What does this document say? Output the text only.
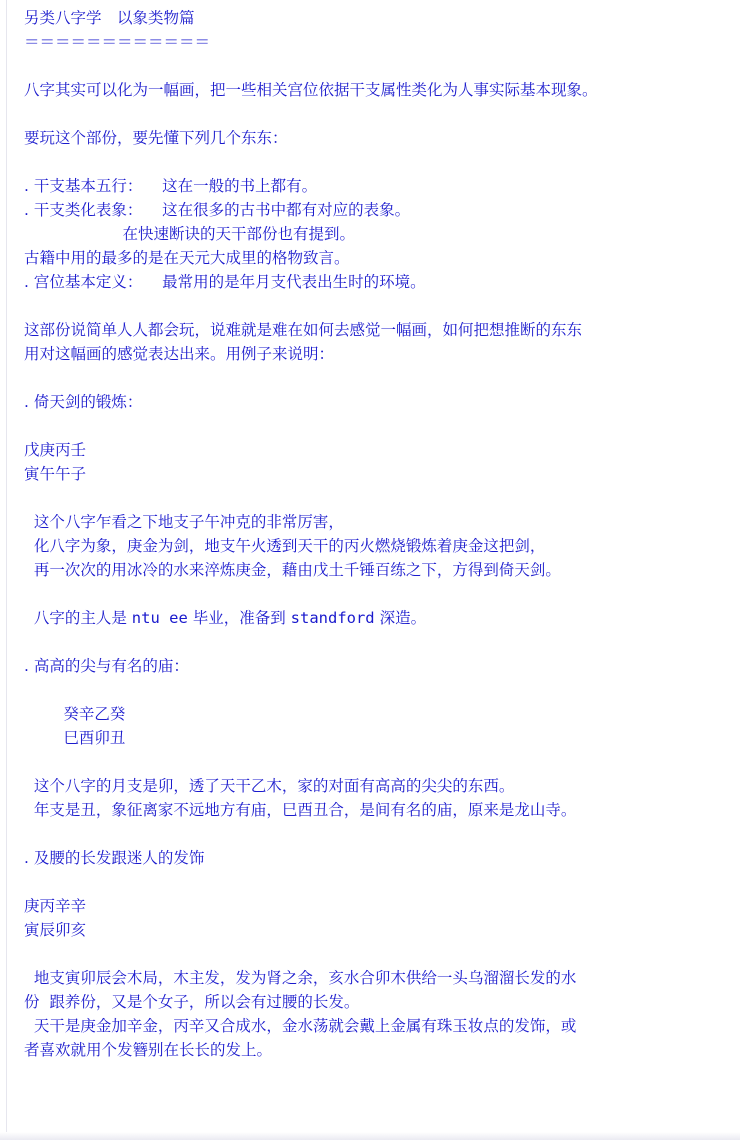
另类八字学　以象类物篇
＝＝＝＝＝＝＝＝＝＝＝＝
八字其实可以化为一幅画，把一些相关宫位依据干支属性类化为人事实际基本现象。
要玩这个部份，要先懂下列几个东东：
. 干支基本五行：    这在一般的书上都有。
. 干支类化表象：    这在很多的古书中都有对应的表象。
在快速断诀的天干部份也有提到。
古籍中用的最多的是在天元大成里的格物致言。
. 宫位基本定义：    最常用的是年月支代表出生时的环境。
这部份说简单人人都会玩，说难就是难在如何去感觉一幅画，如何把想推断的东东
用对这幅画的感觉表达出来。用例子来说明：
. 倚天剑的锻炼：
戊庚丙壬
寅午午子
这个八字乍看之下地支子午冲克的非常厉害，
化八字为象，庚金为剑，地支午火透到天干的丙火燃烧锻炼着庚金这把剑，
再一次次的用冰冷的水来淬炼庚金，藉由戊土千锤百练之下，方得到倚天剑。
八字的主人是 ntu ee 毕业，准备到 standford 深造。
. 高高的尖与有名的庙：
癸辛乙癸
巳酉卯丑
这个八字的月支是卯，透了天干乙木，家的对面有高高的尖尖的东西。
年支是丑，象征离家不远地方有庙，巳酉丑合，是间有名的庙，原来是龙山寺。
. 及腰的长发跟迷人的发饰
庚丙辛辛
寅辰卯亥
地支寅卯辰会木局，木主发，发为肾之余，亥水合卯木供给一头乌溜溜长发的水
份  跟养份，又是个女子，所以会有过腰的长发。
天干是庚金加辛金，丙辛又合成水，金水荡就会戴上金属有珠玉妆点的发饰，或
者喜欢就用个发簪别在长长的发上。
